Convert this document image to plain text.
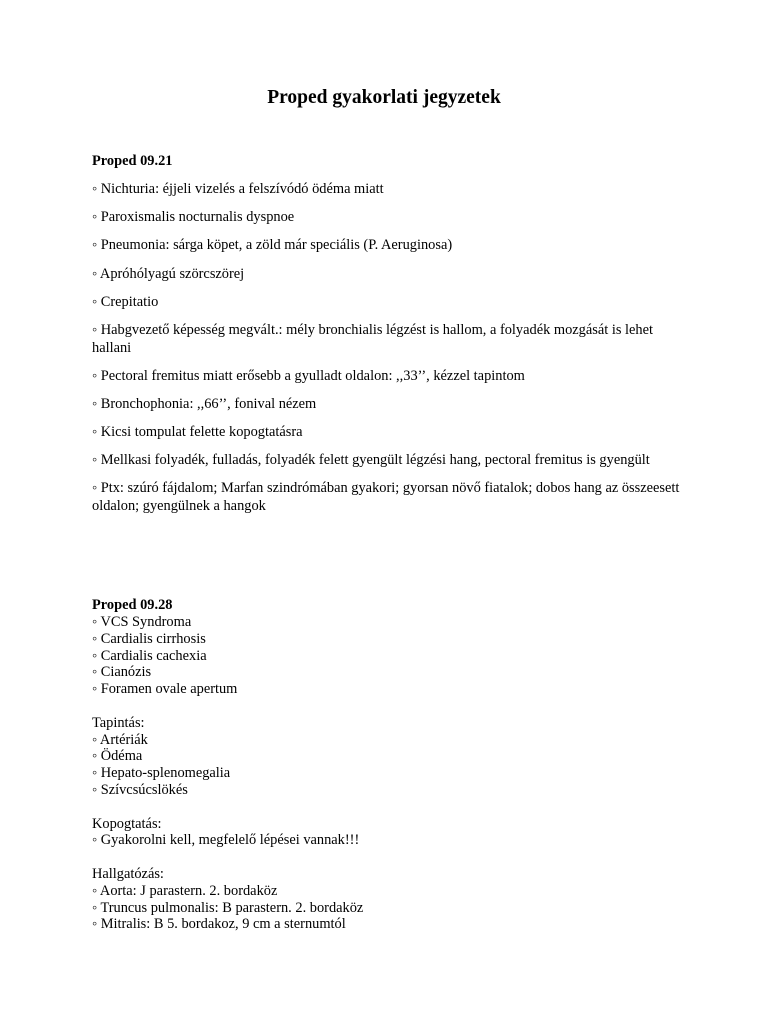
Proped gyakorlati jegyzetek
Proped 09.21
◦ Nichturia: éjjeli vizelés a felszívódó ödéma miatt
◦ Paroxismalis nocturnalis dyspnoe
◦ Pneumonia: sárga köpet, a zöld már speciális (P. Aeruginosa)
◦ Apróhólyagú szörcszörej
◦ Crepitatio
◦ Habgvezető képesség megvált.: mély bronchialis légzést is hallom, a folyadék mozgását is lehet hallani
◦ Pectoral fremitus miatt erősebb a gyulladt oldalon: ,,33’’, kézzel tapintom
◦ Bronchophonia: ,,66’’, fonival nézem
◦ Kicsi tompulat felette kopogtatásra
◦ Mellkasi folyadék, fulladás, folyadék felett gyengült légzési hang, pectoral fremitus is gyengült
◦ Ptx: szúró fájdalom; Marfan szindrómában gyakori; gyorsan növő fiatalok; dobos hang az összeesett oldalon; gyengülnek a hangok
Proped 09.28
◦ VCS Syndroma
◦ Cardialis cirrhosis
◦ Cardialis cachexia
◦ Cianózis
◦ Foramen ovale apertum
Tapintás:
◦ Artériák
◦ Ödéma
◦ Hepato-splenomegalia
◦ Szívcsúcslökés
Kopogtatás:
◦ Gyakorolni kell, megfelelő lépései vannak!!!
Hallgatózás:
◦ Aorta: J parastern. 2. bordaköz
◦ Truncus pulmonalis: B parastern. 2. bordaköz
◦ Mitralis: B 5. bordakoz, 9 cm a sternumtól
